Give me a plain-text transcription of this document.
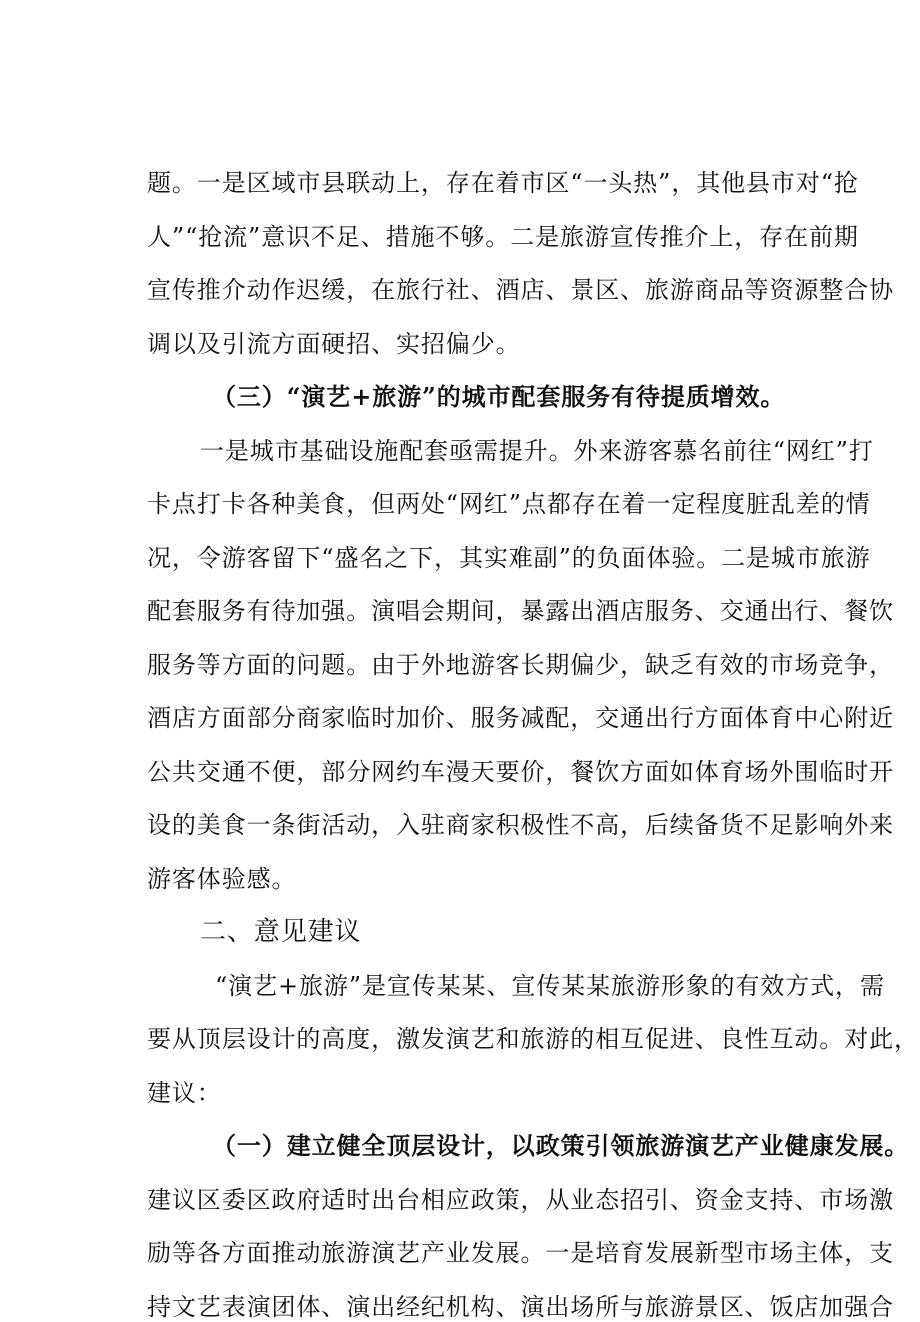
题。一是区域市县联动上，存在着市区“一头热”，其他县市对“抢
人”“抢流”意识不足、措施不够。二是旅游宣传推介上，存在前期
宣传推介动作迟缓，在旅行社、酒店、景区、旅游商品等资源整合协
调以及引流方面硬招、实招偏少。
（三）“演艺+旅游”的城市配套服务有待提质增效。
一是城市基础设施配套亟需提升。外来游客慕名前往“网红”打
卡点打卡各种美食，但两处“网红”点都存在着一定程度脏乱差的情
况，令游客留下“盛名之下，其实难副”的负面体验。二是城市旅游
配套服务有待加强。演唱会期间，暴露出酒店服务、交通出行、餐饮
服务等方面的问题。由于外地游客长期偏少，缺乏有效的市场竞争，
酒店方面部分商家临时加价、服务减配，交通出行方面体育中心附近
公共交通不便，部分网约车漫天要价，餐饮方面如体育场外围临时开
设的美食一条街活动，入驻商家积极性不高，后续备货不足影响外来
游客体验感。
二、意见建议
“演艺+旅游”是宣传某某、宣传某某旅游形象的有效方式，需
要从顶层设计的高度，激发演艺和旅游的相互促进、良性互动。对此，
建议：
（一）建立健全顶层设计，以政策引领旅游演艺产业健康发展。
建议区委区政府适时出台相应政策，从业态招引、资金支持、市场激
励等各方面推动旅游演艺产业发展。一是培育发展新型市场主体，支
持文艺表演团体、演出经纪机构、演出场所与旅游景区、饭店加强合
